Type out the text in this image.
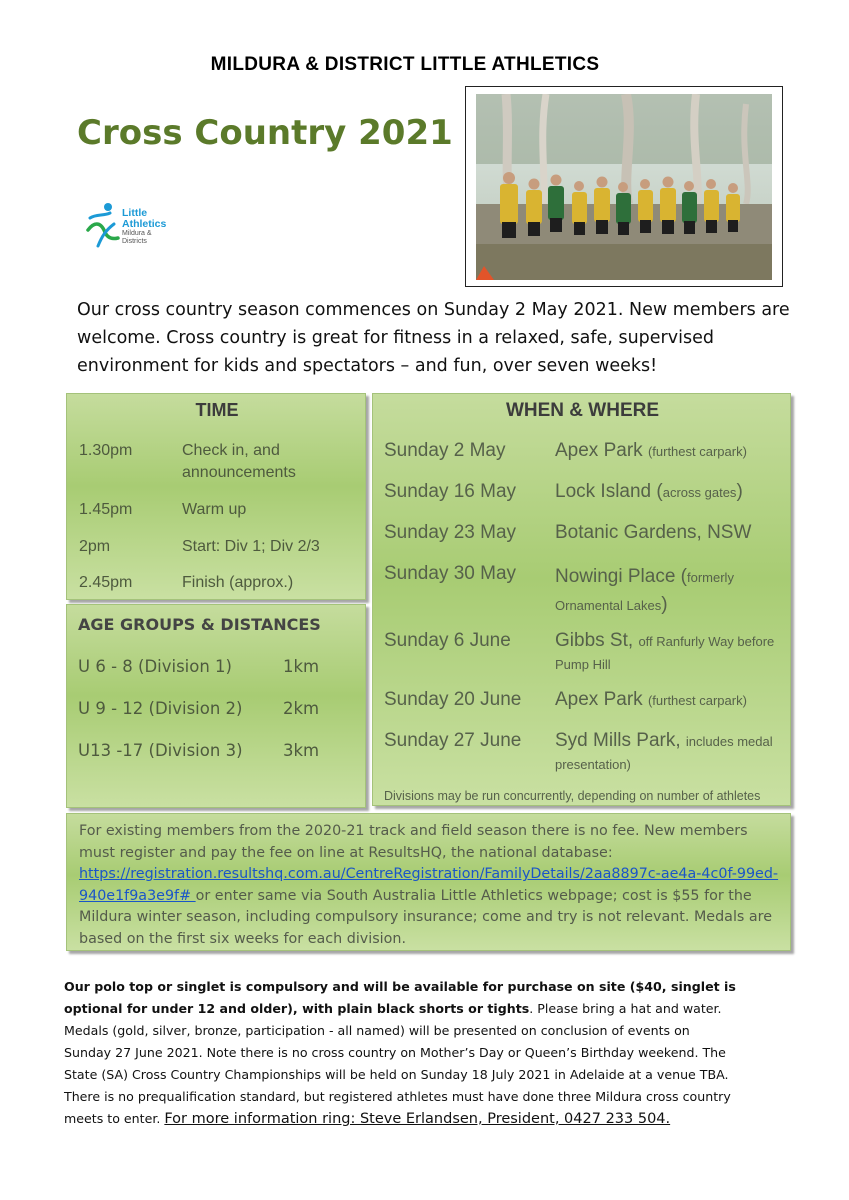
MILDURA & DISTRICT LITTLE ATHLETICS
Cross Country 2021
Little
Athletics
Mildura &
Districts
Our cross country season commences on Sunday 2 May 2021. New members are welcome. Cross country is great for fitness in a relaxed, safe, supervised environment for kids and spectators – and fun, over seven weeks!
TIME
1.30pm	Check in, and announcements
1.45pm	Warm up
2pm	Start: Div 1; Div 2/3
2.45pm	Finish (approx.)
AGE GROUPS & DISTANCES
U 6 - 8 (Division 1)	1km
U 9 - 12 (Division 2)	2km
U13 -17 (Division 3)	3km
WHEN & WHERE
Sunday 2 May	Apex Park (furthest carpark)
Sunday 16 May Lock Island (across gates)
Sunday 23 May Botanic Gardens, NSW
Sunday 30 May Nowingi Place (formerly Ornamental Lakes)
Sunday 6 June Gibbs St, off Ranfurly Way before Pump Hill
Sunday 20 June Apex Park (furthest carpark)
Sunday 27 June Syd Mills Park, includes medal presentation)
Divisions may be run concurrently, depending on number of athletes
For existing members from the 2020-21 track and field season there is no fee. New members must register and pay the fee on line at ResultsHQ, the national database: https://registration.resultshq.com.au/CentreRegistration/FamilyDetails/2aa8897c-ae4a-4c0f-99ed-940e1f9a3e9f# or enter same via South Australia Little Athletics webpage; cost is $55 for the Mildura winter season, including compulsory insurance; come and try is not relevant. Medals are based on the first six weeks for each division.
Our polo top or singlet is compulsory and will be available for purchase on site ($40, singlet is optional for under 12 and older), with plain black shorts or tights. Please bring a hat and water. Medals (gold, silver, bronze, participation - all named) will be presented on conclusion of events on Sunday 27 June 2021. Note there is no cross country on Mother’s Day or Queen’s Birthday weekend. The State (SA) Cross Country Championships will be held on Sunday 18 July 2021 in Adelaide at a venue TBA. There is no prequalification standard, but registered athletes must have done three Mildura cross country meets to enter. For more information ring: Steve Erlandsen, President, 0427 233 504.
